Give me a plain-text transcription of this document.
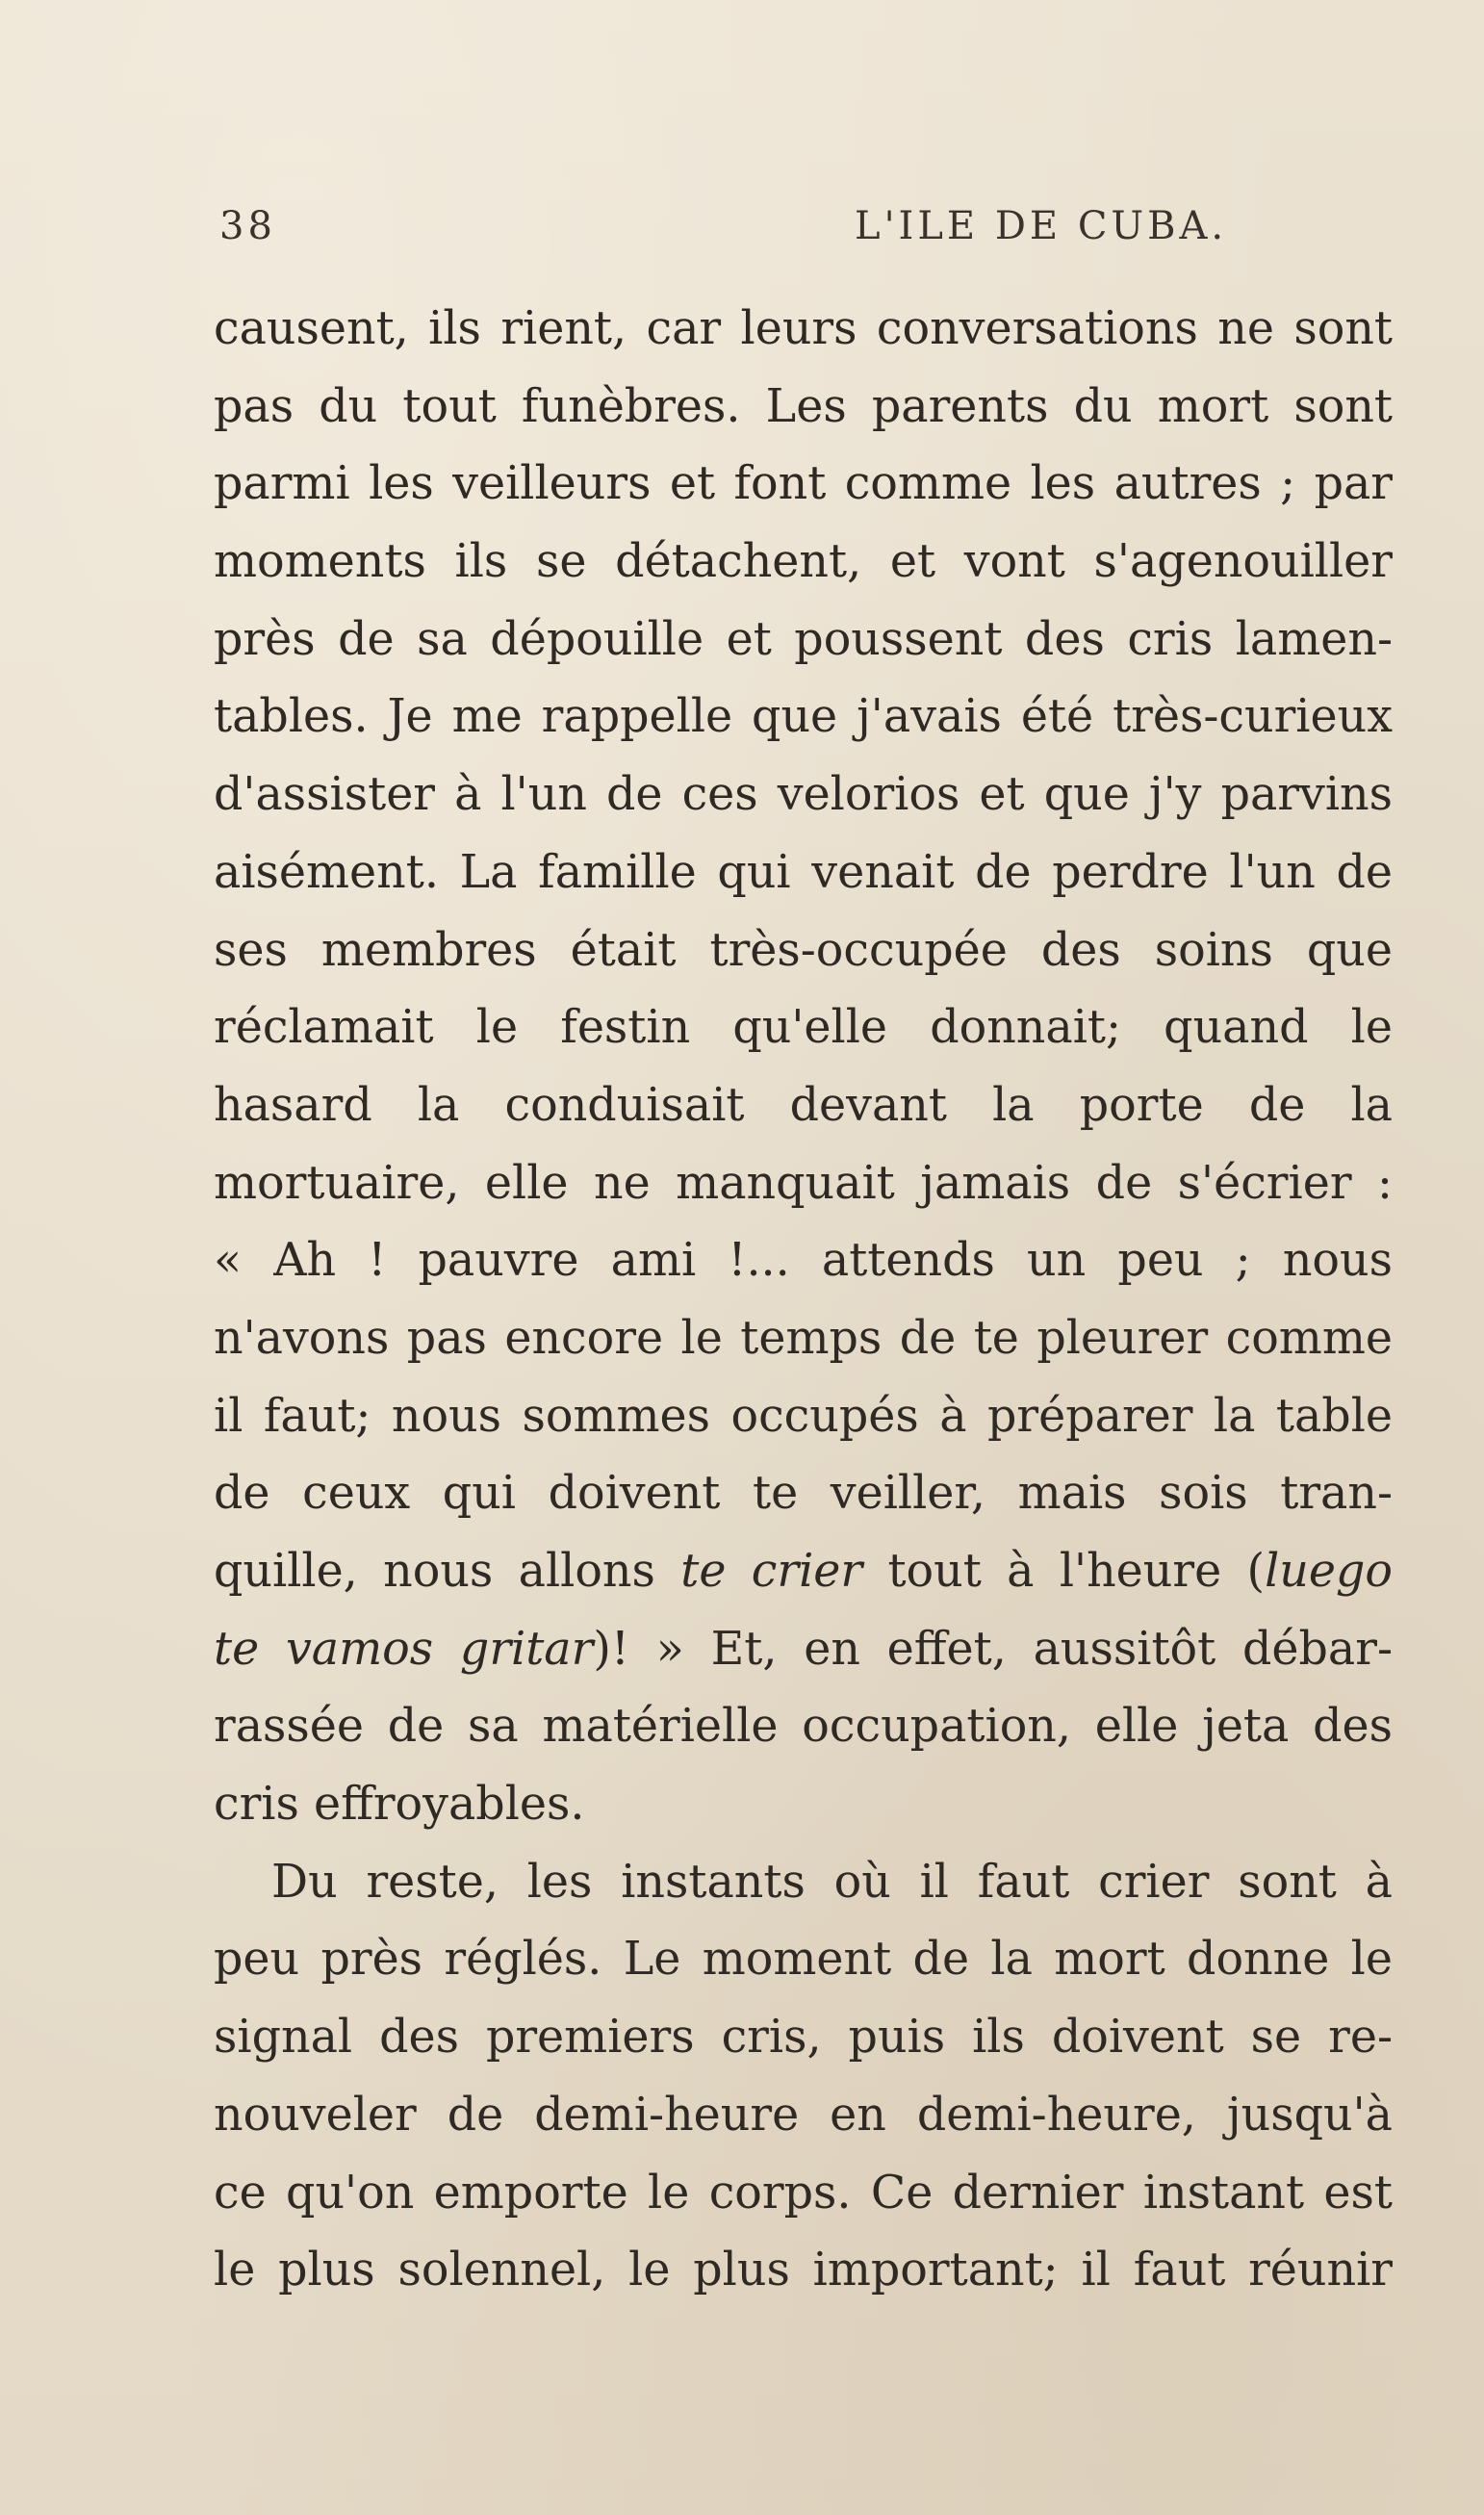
38	L'ILE DE CUBA.
causent, ils rient, car leurs conversations ne sont
pas du tout funèbres. Les parents du mort sont
parmi les veilleurs et font comme les autres ; par
moments ils se détachent, et vont s'agenouiller
près de sa dépouille et poussent des cris lamen-
tables. Je me rappelle que j'avais été très-curieux
d'assister à l'un de ces velorios et que j'y parvins
aisément. La famille qui venait de perdre l'un de
ses membres était très-occupée des soins que
réclamait le festin qu'elle donnait; quand le
hasard la conduisait devant la porte de la
mortuaire, elle ne manquait jamais de s'écrier :
« Ah ! pauvre ami !... attends un peu ; nous
n'avons pas encore le temps de te pleurer comme
il faut; nous sommes occupés à préparer la table
de ceux qui doivent te veiller, mais sois tran-
quille, nous allons te crier tout à l'heure (luego
te vamos gritar)! » Et, en effet, aussitôt débar-
rassée de sa matérielle occupation, elle jeta des
cris effroyables.
Du reste, les instants où il faut crier sont à
peu près réglés. Le moment de la mort donne le
signal des premiers cris, puis ils doivent se re-
nouveler de demi-heure en demi-heure, jusqu'à
ce qu'on emporte le corps. Ce dernier instant est
le plus solennel, le plus important; il faut réunir
